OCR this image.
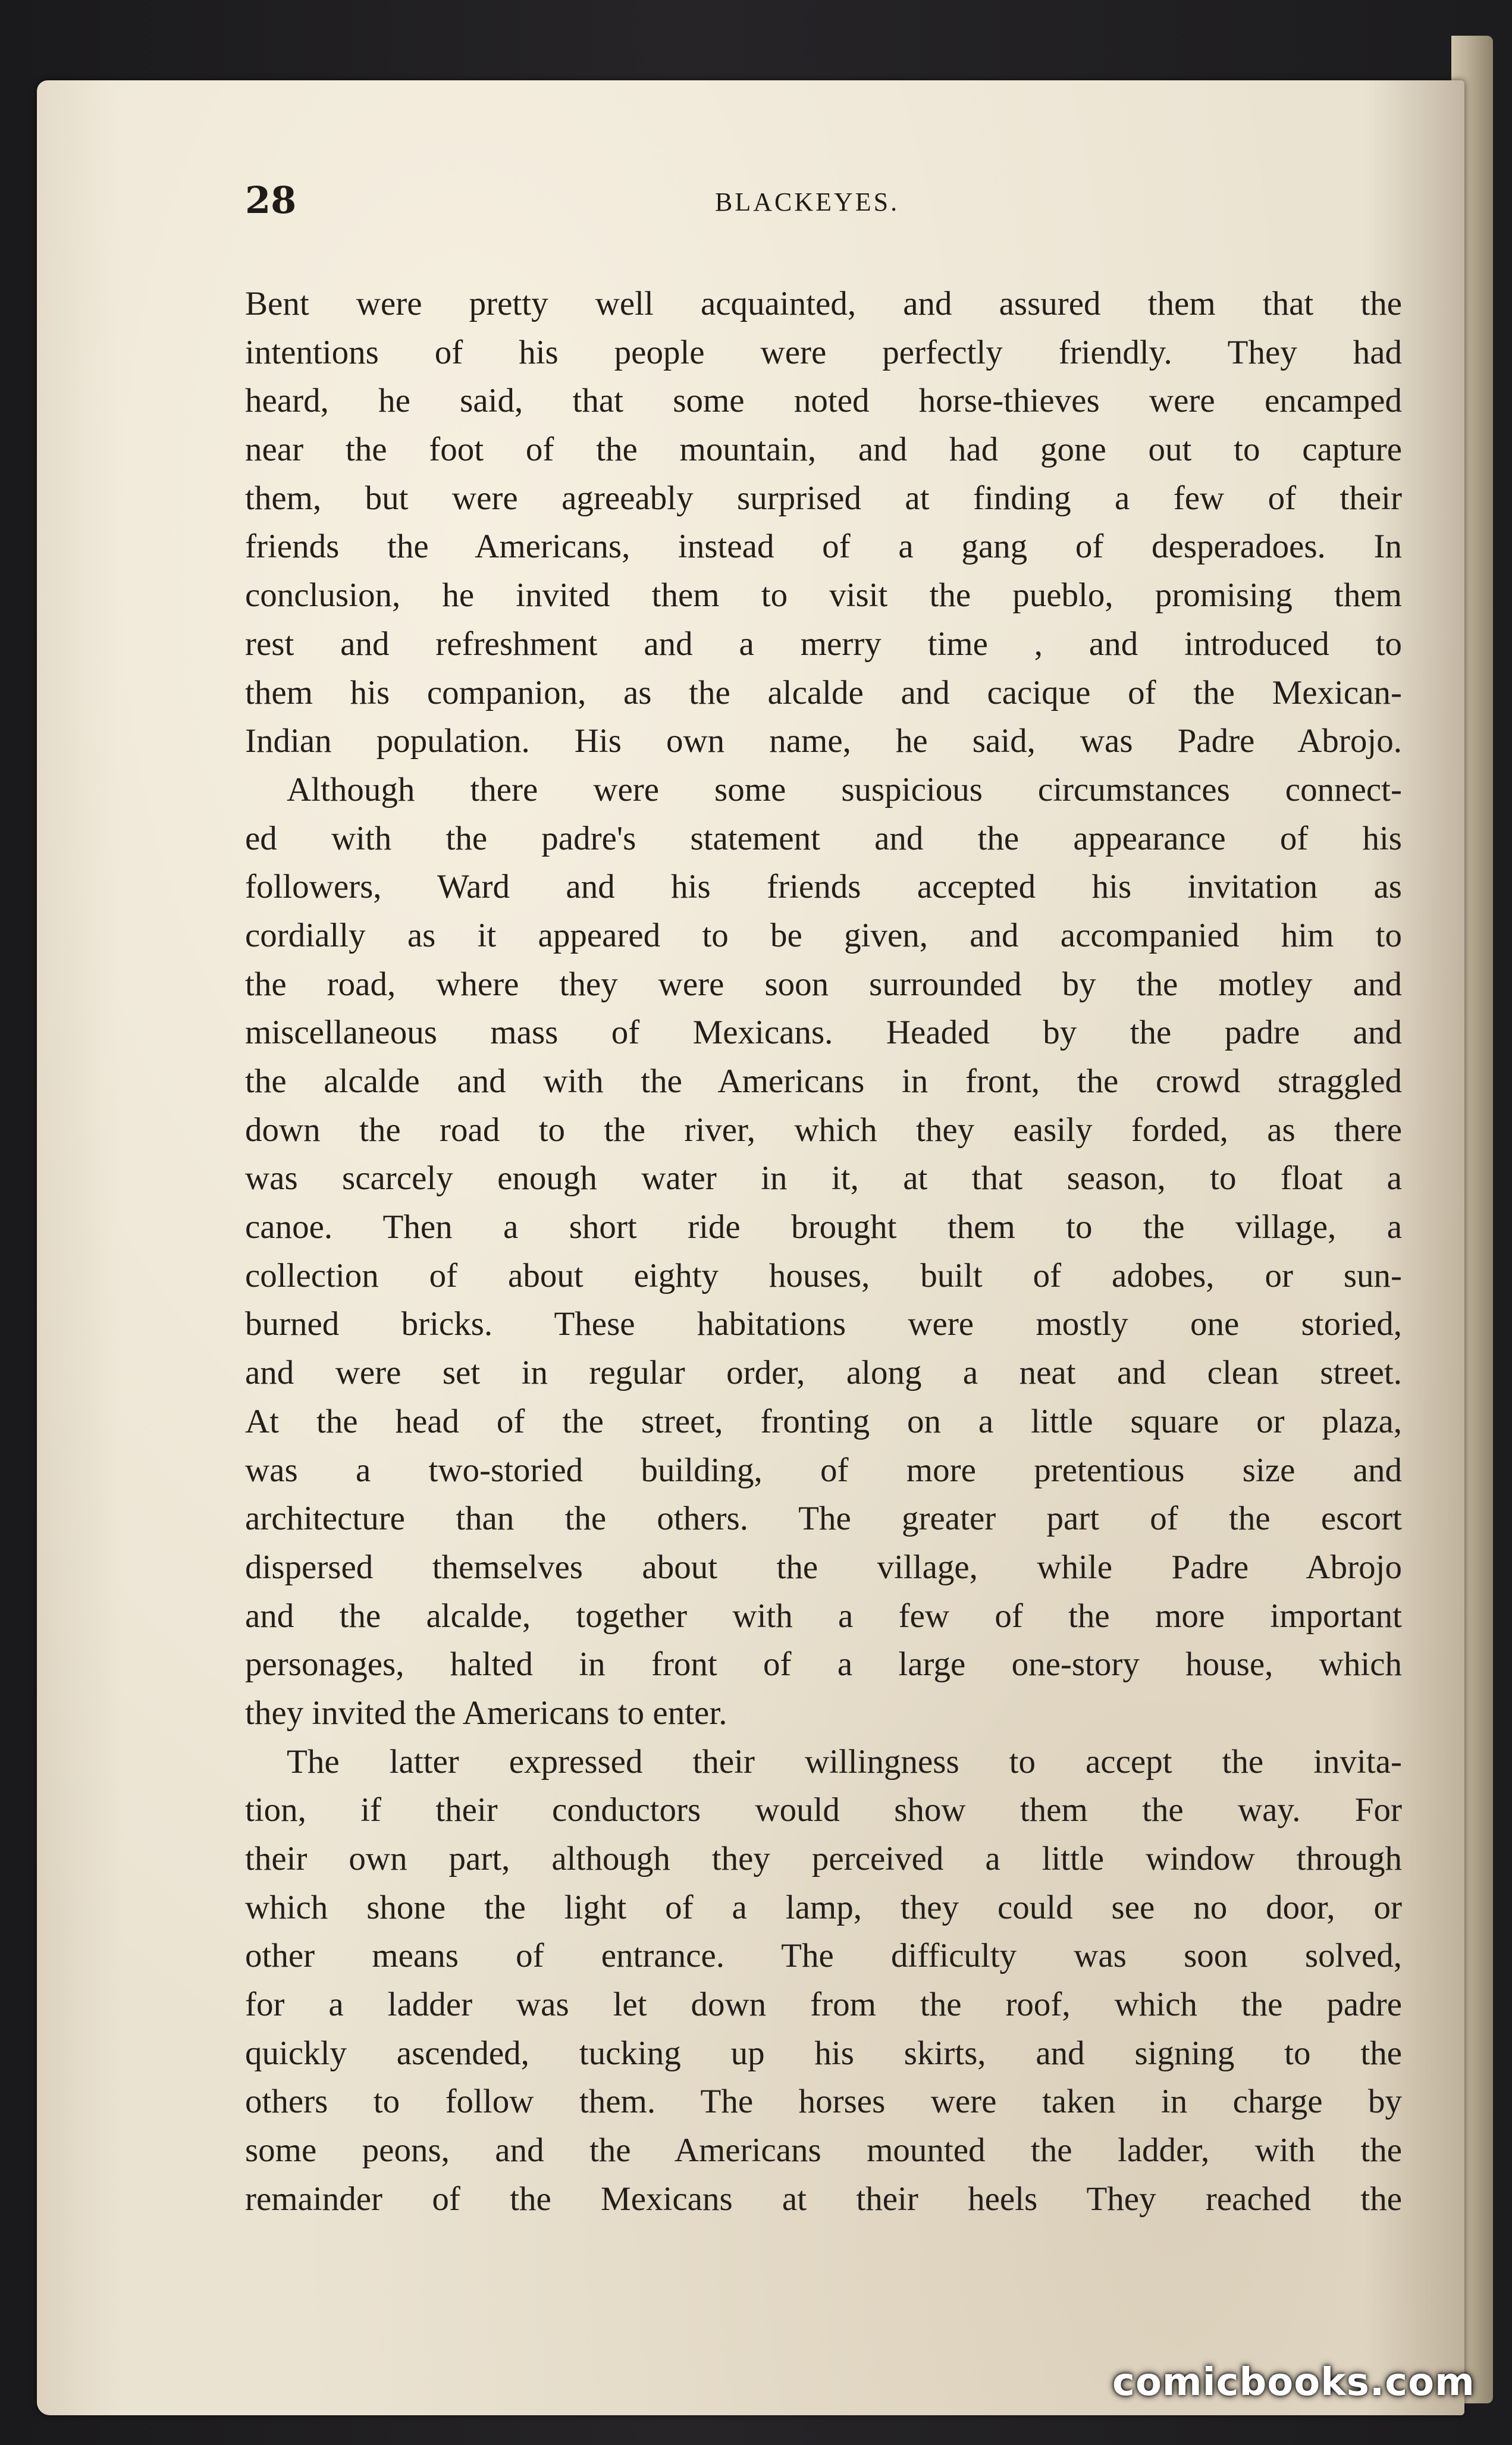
28	BLACKEYES.
Bent were pretty well acquainted, and assured them that the
intentions of his people were perfectly friendly. They had
heard, he said, that some noted horse-thieves were encamped
near the foot of the mountain, and had gone out to capture
them, but were agreeably surprised at finding a few of their
friends the Americans, instead of a gang of desperadoes. In
conclusion, he invited them to visit the pueblo, promising them
rest and refreshment and a merry time , and introduced to
them his companion, as the alcalde and cacique of the Mexican-
Indian population. His own name, he said, was Padre Abrojo.
Although there were some suspicious circumstances connect-
ed with the padre's statement and the appearance of his
followers, Ward and his friends accepted his invitation as
cordially as it appeared to be given, and accompanied him to
the road, where they were soon surrounded by the motley and
miscellaneous mass of Mexicans. Headed by the padre and
the alcalde and with the Americans in front, the crowd straggled
down the road to the river, which they easily forded, as there
was scarcely enough water in it, at that season, to float a
canoe. Then a short ride brought them to the village, a
collection of about eighty houses, built of adobes, or sun-
burned bricks. These habitations were mostly one storied,
and were set in regular order, along a neat and clean street.
At the head of the street, fronting on a little square or plaza,
was a two-storied building, of more pretentious size and
architecture than the others. The greater part of the escort
dispersed themselves about the village, while Padre Abrojo
and the alcalde, together with a few of the more important
personages, halted in front of a large one-story house, which
they invited the Americans to enter.
The latter expressed their willingness to accept the invita-
tion, if their conductors would show them the way. For
their own part, although they perceived a little window through
which shone the light of a lamp, they could see no door, or
other means of entrance. The difficulty was soon solved,
for a ladder was let down from the roof, which the padre
quickly ascended, tucking up his skirts, and signing to the
others to follow them. The horses were taken in charge by
some peons, and the Americans mounted the ladder, with the
remainder of the Mexicans at their heels They reached the
comicbooks.com
